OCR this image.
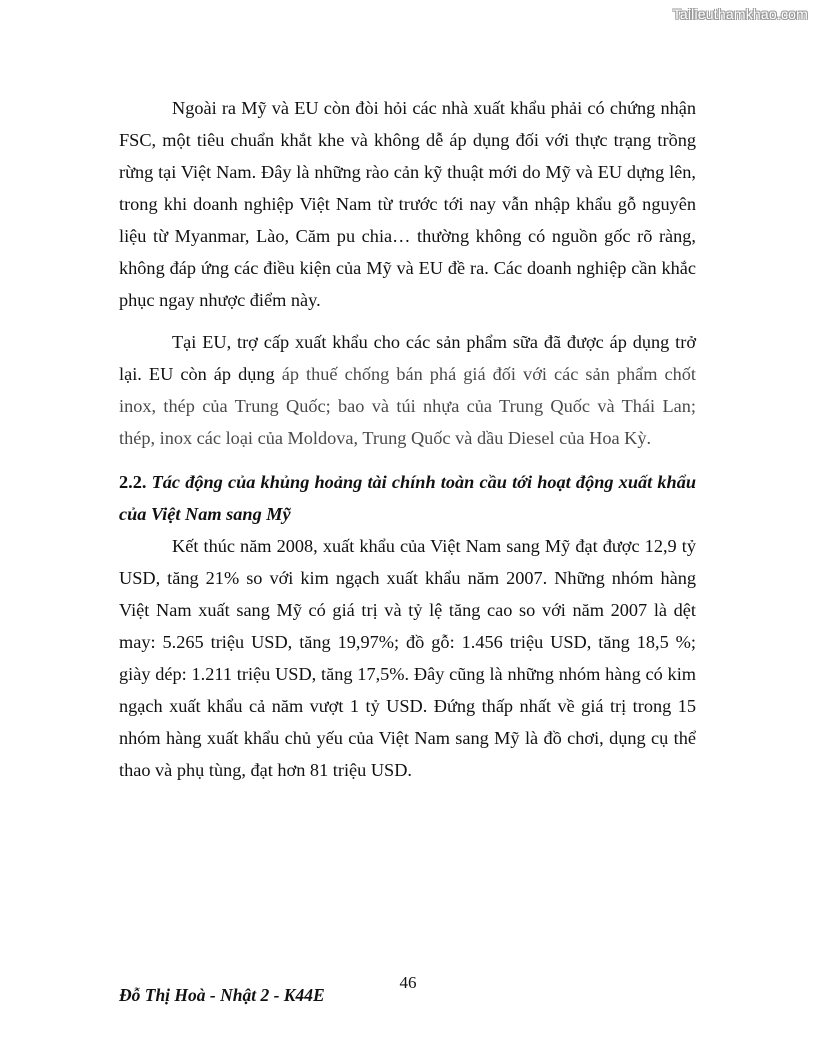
Tailieuthamkhao.com

Ngoài ra Mỹ và EU còn đòi hỏi các nhà xuất khẩu phải có chứng nhận FSC, một tiêu chuẩn khắt khe và không dễ áp dụng đối với thực trạng trồng rừng tại Việt Nam. Đây là những rào cản kỹ thuật mới do Mỹ và EU dựng lên, trong khi doanh nghiệp Việt Nam từ trước tới nay vẫn nhập khẩu gỗ nguyên liệu từ Myanmar, Lào, Căm pu chia… thường không có nguồn gốc rõ ràng, không đáp ứng các điều kiện của Mỹ và EU đề ra. Các doanh nghiệp cần khắc phục ngay nhược điểm này.

Tại EU, trợ cấp xuất khẩu cho các sản phẩm sữa đã được áp dụng trở lại. EU còn áp dụng áp thuế chống bán phá giá đối với các sản phẩm chốt inox, thép của Trung Quốc; bao và túi nhựa của Trung Quốc và Thái Lan; thép, inox các loại của Moldova, Trung Quốc và dầu Diesel của Hoa Kỳ.

2.2. Tác động của khủng hoảng tài chính toàn cầu tới hoạt động xuất khẩu của Việt Nam sang Mỹ

Kết thúc năm 2008, xuất khẩu của Việt Nam sang Mỹ đạt được 12,9 tỷ USD, tăng 21% so với kim ngạch xuất khẩu năm 2007. Những nhóm hàng Việt Nam xuất sang Mỹ có giá trị và tỷ lệ tăng cao so với năm 2007 là dệt may: 5.265 triệu USD, tăng 19,97%; đồ gỗ: 1.456 triệu USD, tăng 18,5 %; giày dép: 1.211 triệu USD, tăng 17,5%. Đây cũng là những nhóm hàng có kim ngạch xuất khẩu cả năm vượt 1 tỷ USD. Đứng thấp nhất về giá trị trong 15 nhóm hàng xuất khẩu chủ yếu của Việt Nam sang Mỹ là đồ chơi, dụng cụ thể thao và phụ tùng, đạt hơn 81 triệu USD.

46
Đỗ Thị Hoà - Nhật 2 - K44E
